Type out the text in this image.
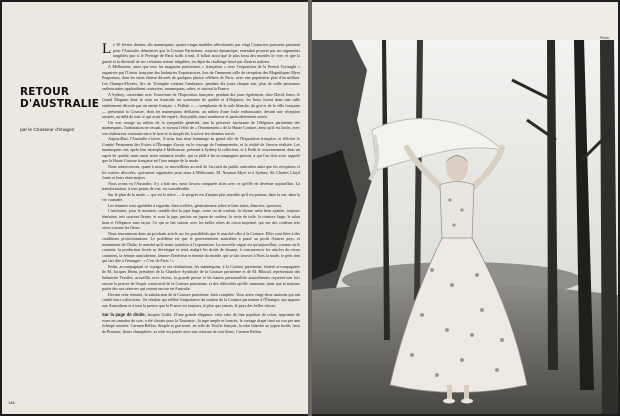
RETOUR
D'AUSTRALIE
par le Chasseur d'images

Le 30 février dernier, dix mannequins, quatre-vingts modèles sélectionnés par vingt Couturiers parisiens partaient pour l'Australie, démontrer que la Couture Parisienne, toujours dynamique, entendait prouver par ses arguments tangibles que si le Prestige de Paris suffit à tout, il fallait aussi que le plus beau des mondes le voie, et que la gaieté et la diversité de ses créations restent inégalées, en dépit du challenge lancé par d'autres nations.

A Melbourne, ainsi que tous les magasins parisiennes « françaises » avec l'exposition de la French Fortnight » organisée par l'Union française des Industries Exportatrices, lors de l'immense salle de réception des Magnifiques Myer Emporium, dont les murs étaient décorés de quelques photos célèbres de Paris, avec une population plus d'un million. Les Champs-Elysées, Arc de Triomphe créaient l'ambiance, pendant dix jours chaque soir, plus de mille personnes enthousiastes applaudirent couturiers, mannequins, robes, et surtout la France.

A Sydney, coïncidant avec l'ouverture de l'Exposition française, pendant dix jours également, chez David Jones, le Grand Magasin dont le nom en Australie est synonyme de qualité et d'élégance, les lieux furent dans une salle entièrement décorée par un artiste français. « Pollfair » — symphonie de la toile blanche, du gris et de la ville française — présentait la Couture, dont les mannequins défilaient, au milieu d'une foule enthousiaste, devant une réception assurée, au-delà de tout ce qui avait été espéré, d'un public aussi nombreux et particulièrement averti.

Un vrai rouage au milieu de la sympathie générale, tant la présence fascinante de l'élégance parisienne des mannequins, l'admiration ne cessait, et surtout l'effet de « l'étonnement » de la Haute Couture, ainsi qu'il est facile, avec son chaleureux contraste entre le luxe et la simplicité, à suivre les chemins tracés.

Aujourd'hui, l'Australie s'ouvre, il nous faut ainsi hommage au grand rôle de l'Exposition française, et féliciter le Comité Permanent des Foires à l'Étranger d'avoir eu le courage de l'entreprendre, et la réalité de l'œuvre réalisée. Les mannequins ont, après leur triomphe à Melbourne, présenté à Sydney la collection, et à Perth le couronnement, dans un esprit de qualité, mais aussi notre industrie textile, qui se plaît à les accompagner partout, à qui l'on doit avoir rappelé que la Haute Couture française est l'axe unique de la mode.

Nous remercierons, quant à nous, ce merveilleux accueil de l'accueil du public australien ainsi que les réceptions et les soirées décorées, qu'avaient organisées pour nous à Melbourne, M. Norman Myer et à Sydney, Sir Charles Lloyd Jones et leurs états-majors.

Nous avons vu l'Australie, il y a huit ans, nous l'avons comparée alors avec ce qu'elle est devenue aujourd'hui. La transformation, à tous points de vue, est considérable.

Sur le plan de la mode — qui est le nôtre — le progrès est d'autant plus sensible qu'il est partout, dans la rue, dans la vie courante.

Les femmes sont agréables à regarder, bien coiffées, généralement jolies et bien faites, élancées, sportives.

L'uniforme, pour le moment, semble être la jupe large, noire ou de couleur, la blouse nette bien ajustée, toujours féminine, très souvent fleurie, et sous la jupe, parfois un jupon de couleur, la veste de toile, la ceinture large, le talon haut et l'élégance sans façon. Ce qui se fait surtout avec les belles robes de coton imprimé, qui ont des couleurs très vives comme les fleurs.

Nous rencontrons dans un prochain article sur les possibilités que le marché offre à la Couture. Elles sont liées à des conditions protectionnistes. Le problème est que le gouvernement australien a passé au profit d'autres pays, et notamment de l'Italie, le marché qu'il tenait autrefois à l'exportation. La nouvelle vague est qu'aujourd'hui, comme on le constate, la production locale se développe et tend, malgré les droits de douane, à concurrencer les articles du vieux continent, la femme australienne, femme d'intérieur et femme du monde, qui se fait trouver à Paris la mode, le petit rien qui fait dire à l'étranger : « C'est de Paris ! »

Enfin, accompagnant ce voyage et ces réalisations, les mannequins, à la Couture parisienne, étaient accompagnées de M. Jacques Heim, président de la Chambre Syndicale de la Couture parisienne et de M. Riboud, représentant des Industries Textiles, accueillis avec faveur, la grande presse et les hautes personnalités australiennes reçurent une fois encore la preuve de l'esprit constructif de la Couture parisienne, et des difficultés qu'elle surmonte, ainsi que la majeure partie des nos réserves qui restent encore en Australie.

Devant cette réussite, la satisfaction de la Couture parisienne, était complète. Vous aviez vingt-deux maisons qui ont confié leurs collections. Un résultat qui reflète l'importance du soutien de la Couture parisienne à l'Étranger, qui apporte aux Australiens et à tous la preuve que la France est toujours, et plus que jamais, le pays des belles choses.

Sur la page de droite, Jacques Griffe. D'une grande élégance, cette robe de fine popeline de coton, imprimée de roses en camaïeu de soie, a été choisie pour la Tasmanie ; la jupe ample et froncée, le corsage drapé tient au cou par une écharpe assortie. Carmen Bellon, Simple et gracieuse, en toile de Textile français, la robe blanche au jupon brodé, tissu de Boussac, fleurs champêtres, sa robe est portée avec une ceinture de cuir blanc, Carmen Bellon.

146
Photo
